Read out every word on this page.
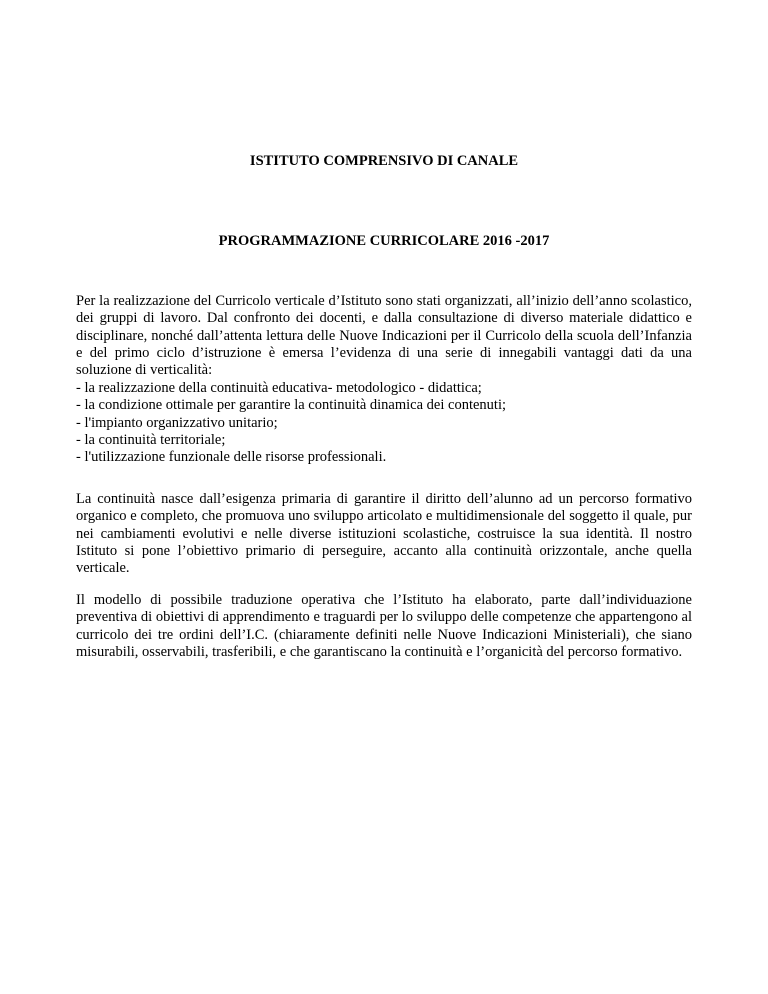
ISTITUTO COMPRENSIVO DI CANALE
PROGRAMMAZIONE CURRICOLARE 2016 -2017

Per la realizzazione del Curricolo verticale d’Istituto sono stati organizzati, all’inizio dell’anno scolastico, dei gruppi di lavoro. Dal confronto dei docenti, e dalla consultazione di diverso materiale didattico e disciplinare, nonché dall’attenta lettura delle Nuove Indicazioni per il Curricolo della scuola dell’Infanzia e del primo ciclo d’istruzione è emersa l’evidenza di una serie di innegabili vantaggi dati da una soluzione di verticalità:

- la realizzazione della continuità educativa- metodologico - didattica;
- la condizione ottimale per garantire la continuità dinamica dei contenuti;
- l'impianto organizzativo unitario;
- la continuità territoriale;
- l'utilizzazione funzionale delle risorse professionali.

La continuità nasce dall’esigenza primaria di garantire il diritto dell’alunno ad un percorso formativo organico e completo, che promuova uno sviluppo articolato e multidimensionale del soggetto il quale, pur nei cambiamenti evolutivi e nelle diverse istituzioni scolastiche, costruisce la sua identità. Il nostro Istituto si pone l’obiettivo primario di perseguire, accanto alla continuità orizzontale, anche quella verticale.

Il modello di possibile traduzione operativa che l’Istituto ha elaborato, parte dall’individuazione preventiva di obiettivi di apprendimento e traguardi per lo sviluppo delle competenze che appartengono al curricolo dei tre ordini dell’I.C. (chiaramente definiti nelle Nuove Indicazioni Ministeriali), che siano misurabili, osservabili, trasferibili, e che garantiscano la continuità e l’organicità del percorso formativo.
